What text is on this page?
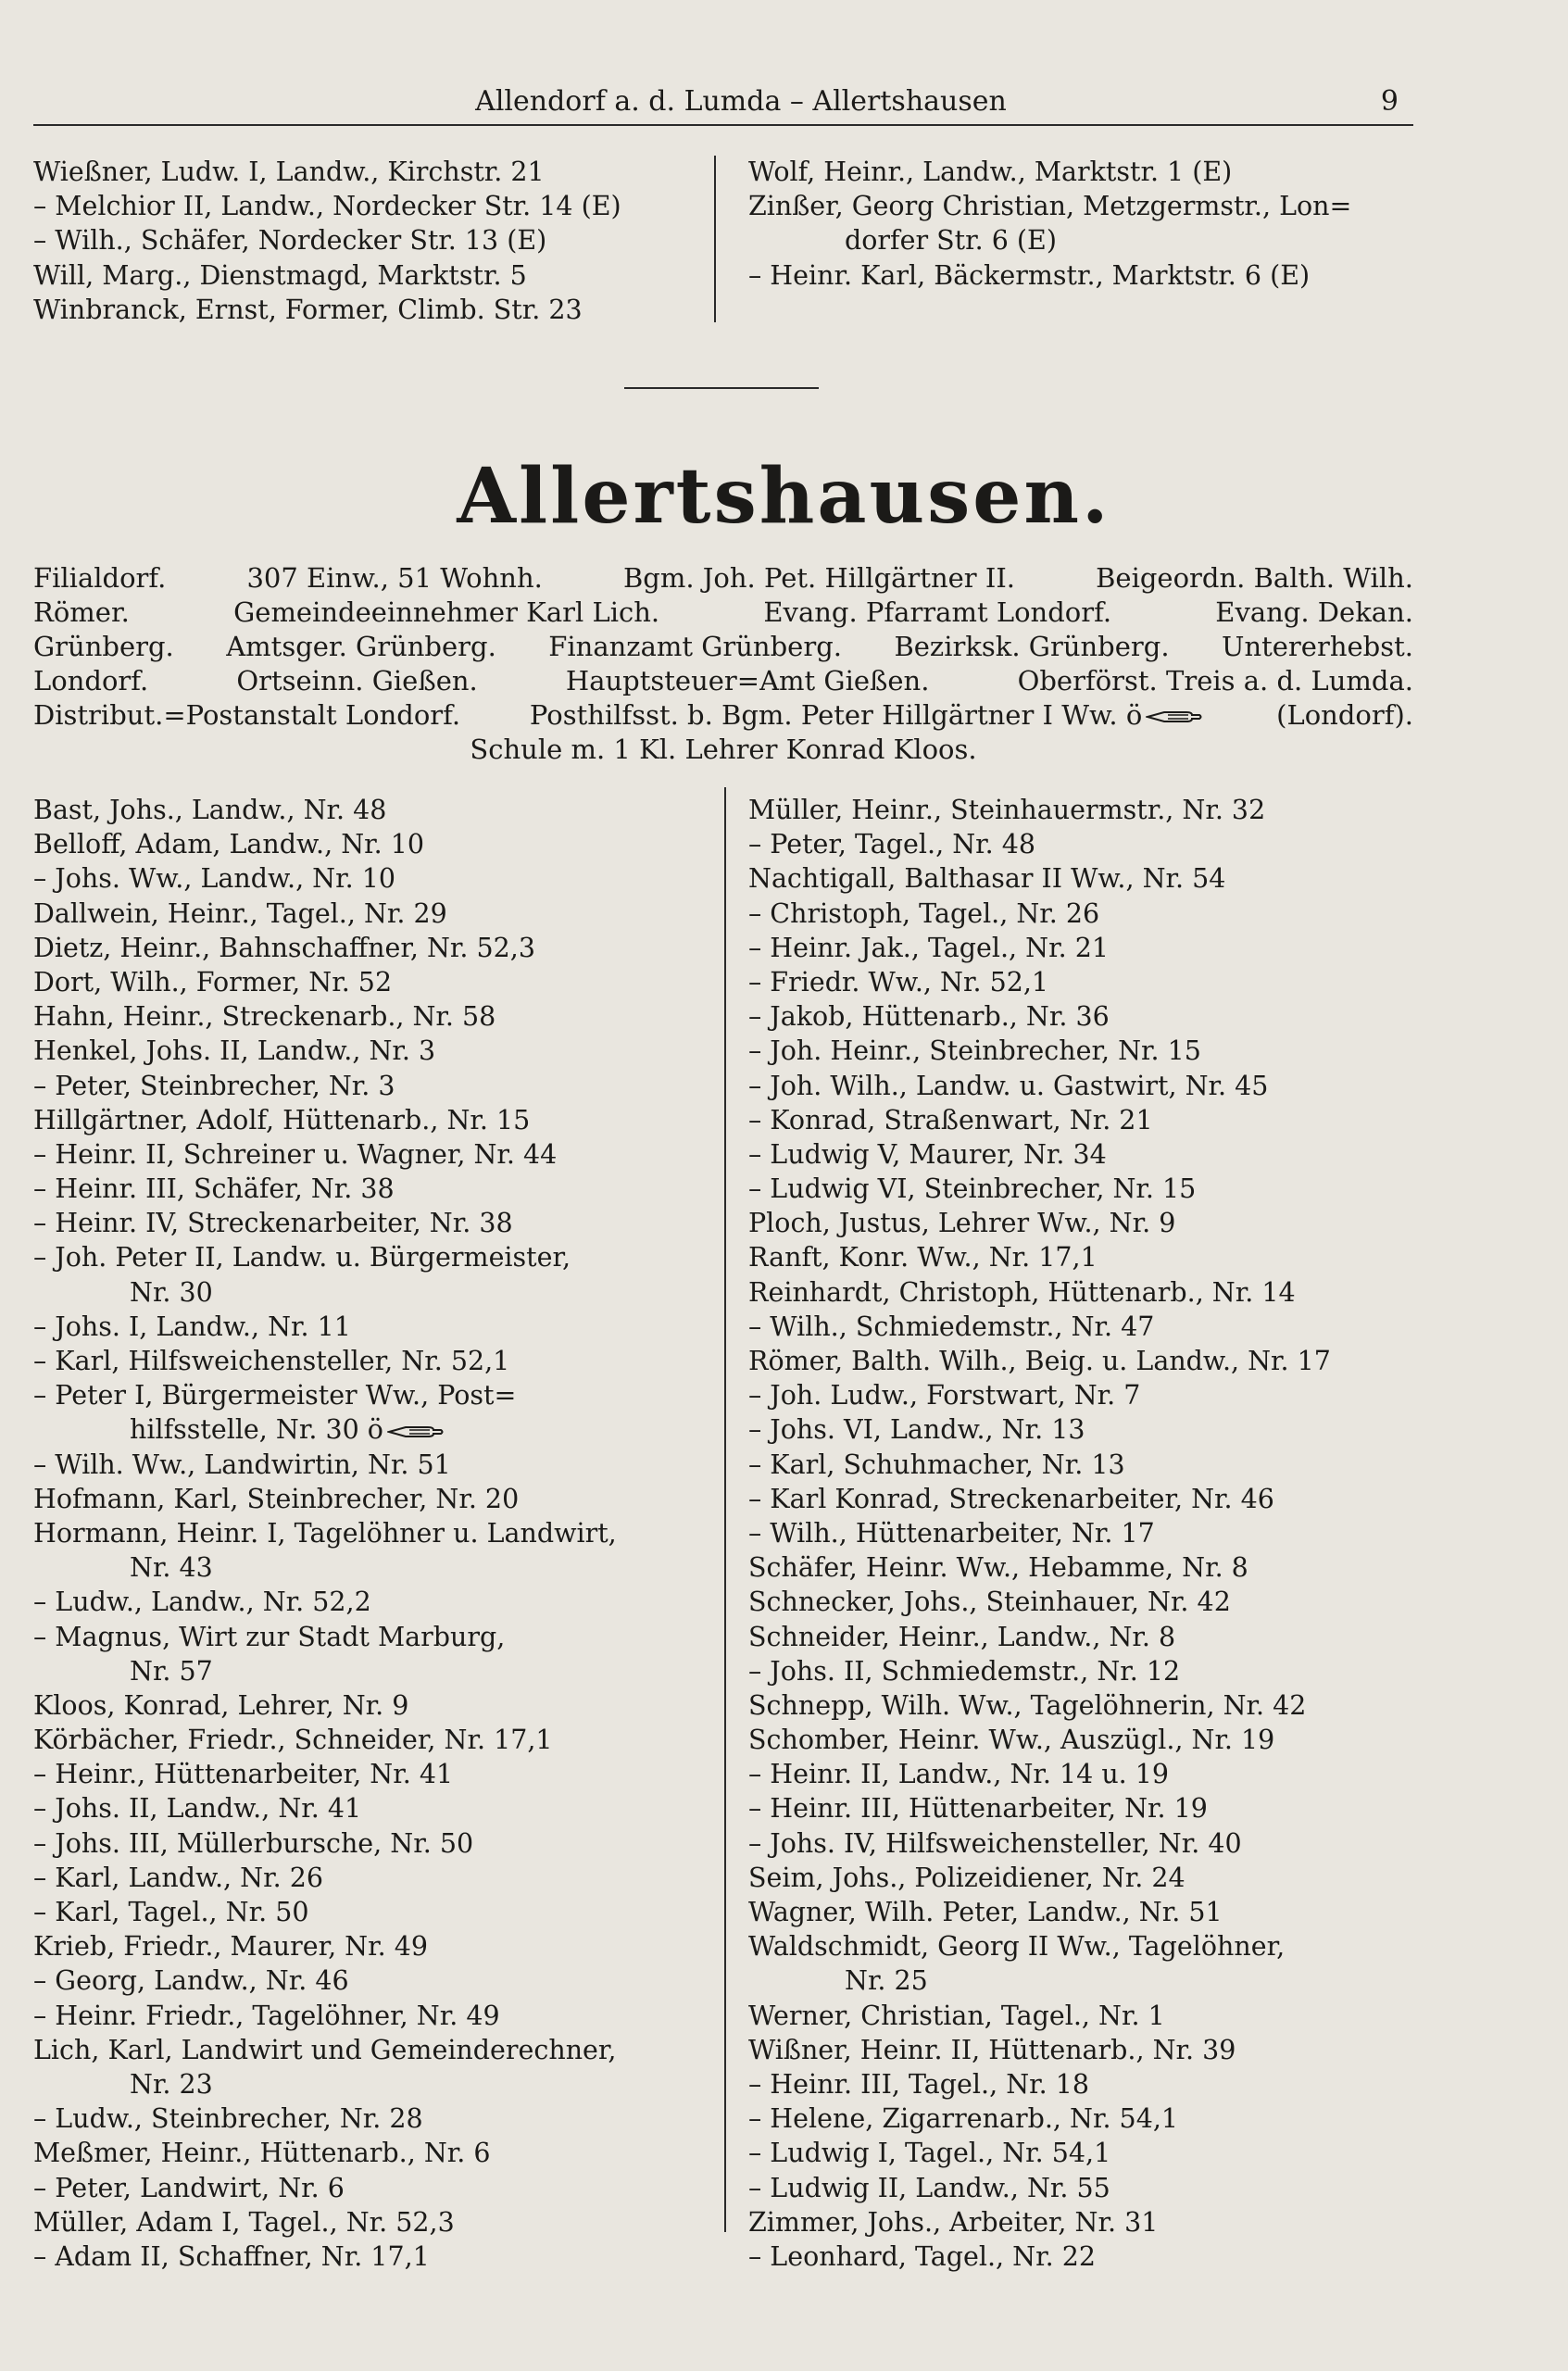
Allendorf a. d. Lumda – Allertshausen	9
Wießner, Ludw. I, Landw., Kirchstr. 21
– Melchior II, Landw., Nordecker Str. 14 (E)
– Wilh., Schäfer, Nordecker Str. 13 (E)
Will, Marg., Dienstmagd, Marktstr. 5
Winbranck, Ernst, Former, Climb. Str. 23
Wolf, Heinr., Landw., Marktstr. 1 (E)
Zinßer, Georg Christian, Metzgermstr., Lon=
dorfer Str. 6 (E)
– Heinr. Karl, Bäckermstr., Marktstr. 6 (E)
Allertshausen.
Filialdorf.	307 Einw., 51 Wohnh.	Bgm. Joh. Pet. Hillgärtner II.	Beigeordn. Balth. Wilh.
Römer.	Gemeindeeinnehmer Karl Lich.	Evang. Pfarramt Londorf.	Evang. Dekan.
Grünberg. Amtsger. Grünberg. Finanzamt Grünberg. Bezirksk. Grünberg. Untererhebst.
Londorf.	Ortseinn. Gießen.	Hauptsteuer=Amt Gießen.	Oberförst. Treis a. d. Lumda.
Distribut.=Postanstalt Londorf.	Posthilfsst. b. Bgm. Peter Hillgärtner I Ww. ö	(Londorf).
Schule m. 1 Kl. Lehrer Konrad Kloos.
Bast, Johs., Landw., Nr. 48
Belloff, Adam, Landw., Nr. 10
– Johs. Ww., Landw., Nr. 10
Dallwein, Heinr., Tagel., Nr. 29
Dietz, Heinr., Bahnschaffner, Nr. 52,3
Dort, Wilh., Former, Nr. 52
Hahn, Heinr., Streckenarb., Nr. 58
Henkel, Johs. II, Landw., Nr. 3
– Peter, Steinbrecher, Nr. 3
Hillgärtner, Adolf, Hüttenarb., Nr. 15
– Heinr. II, Schreiner u. Wagner, Nr. 44
– Heinr. III, Schäfer, Nr. 38
– Heinr. IV, Streckenarbeiter, Nr. 38
– Joh. Peter II, Landw. u. Bürgermeister,
Nr. 30
– Johs. I, Landw., Nr. 11
– Karl, Hilfsweichensteller, Nr. 52,1
– Peter I, Bürgermeister Ww., Post=
hilfsstelle, Nr. 30 ö
– Wilh. Ww., Landwirtin, Nr. 51
Hofmann, Karl, Steinbrecher, Nr. 20
Hormann, Heinr. I, Tagelöhner u. Landwirt,
Nr. 43
– Ludw., Landw., Nr. 52,2
– Magnus, Wirt zur Stadt Marburg,
Nr. 57
Kloos, Konrad, Lehrer, Nr. 9
Körbächer, Friedr., Schneider, Nr. 17,1
– Heinr., Hüttenarbeiter, Nr. 41
– Johs. II, Landw., Nr. 41
– Johs. III, Müllerbursche, Nr. 50
– Karl, Landw., Nr. 26
– Karl, Tagel., Nr. 50
Krieb, Friedr., Maurer, Nr. 49
– Georg, Landw., Nr. 46
– Heinr. Friedr., Tagelöhner, Nr. 49
Lich, Karl, Landwirt und Gemeinderechner,
Nr. 23
– Ludw., Steinbrecher, Nr. 28
Meßmer, Heinr., Hüttenarb., Nr. 6
– Peter, Landwirt, Nr. 6
Müller, Adam I, Tagel., Nr. 52,3
– Adam II, Schaffner, Nr. 17,1
Müller, Heinr., Steinhauermstr., Nr. 32
– Peter, Tagel., Nr. 48
Nachtigall, Balthasar II Ww., Nr. 54
– Christoph, Tagel., Nr. 26
– Heinr. Jak., Tagel., Nr. 21
– Friedr. Ww., Nr. 52,1
– Jakob, Hüttenarb., Nr. 36
– Joh. Heinr., Steinbrecher, Nr. 15
– Joh. Wilh., Landw. u. Gastwirt, Nr. 45
– Konrad, Straßenwart, Nr. 21
– Ludwig V, Maurer, Nr. 34
– Ludwig VI, Steinbrecher, Nr. 15
Ploch, Justus, Lehrer Ww., Nr. 9
Ranft, Konr. Ww., Nr. 17,1
Reinhardt, Christoph, Hüttenarb., Nr. 14
– Wilh., Schmiedemstr., Nr. 47
Römer, Balth. Wilh., Beig. u. Landw., Nr. 17
– Joh. Ludw., Forstwart, Nr. 7
– Johs. VI, Landw., Nr. 13
– Karl, Schuhmacher, Nr. 13
– Karl Konrad, Streckenarbeiter, Nr. 46
– Wilh., Hüttenarbeiter, Nr. 17
Schäfer, Heinr. Ww., Hebamme, Nr. 8
Schnecker, Johs., Steinhauer, Nr. 42
Schneider, Heinr., Landw., Nr. 8
– Johs. II, Schmiedemstr., Nr. 12
Schnepp, Wilh. Ww., Tagelöhnerin, Nr. 42
Schomber, Heinr. Ww., Auszügl., Nr. 19
– Heinr. II, Landw., Nr. 14 u. 19
– Heinr. III, Hüttenarbeiter, Nr. 19
– Johs. IV, Hilfsweichensteller, Nr. 40
Seim, Johs., Polizeidiener, Nr. 24
Wagner, Wilh. Peter, Landw., Nr. 51
Waldschmidt, Georg II Ww., Tagelöhner,
Nr. 25
Werner, Christian, Tagel., Nr. 1
Wißner, Heinr. II, Hüttenarb., Nr. 39
– Heinr. III, Tagel., Nr. 18
– Helene, Zigarrenarb., Nr. 54,1
– Ludwig I, Tagel., Nr. 54,1
– Ludwig II, Landw., Nr. 55
Zimmer, Johs., Arbeiter, Nr. 31
– Leonhard, Tagel., Nr. 22
